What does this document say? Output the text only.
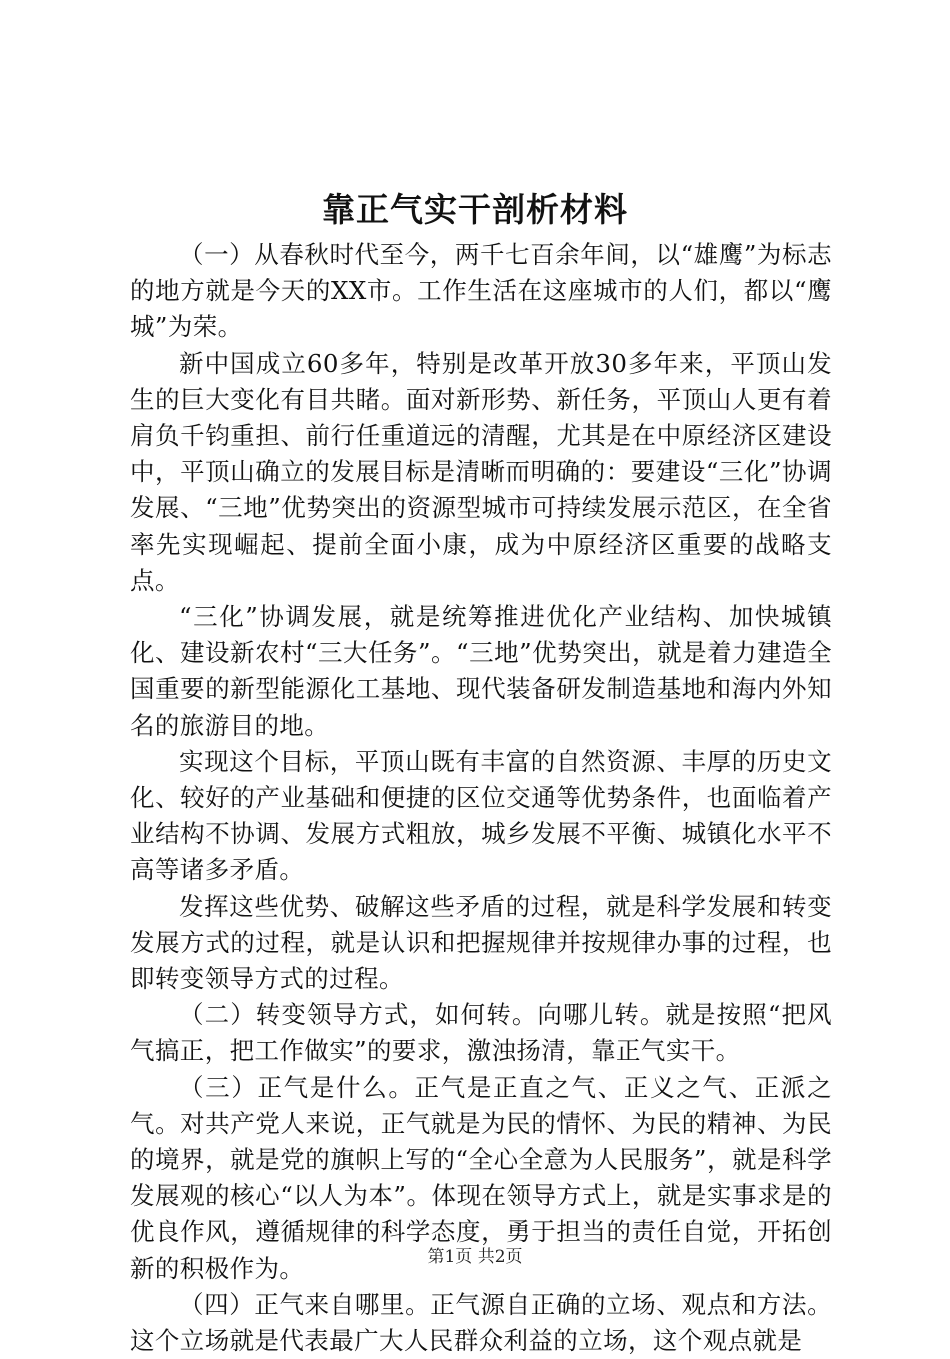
靠正气实干剖析材料

（一）从春秋时代至今，两千七百余年间，以“雄鹰”为标志的地方就是今天的XX市。工作生活在这座城市的人们，都以“鹰城”为荣。

新中国成立60多年，特别是改革开放30多年来，平顶山发生的巨大变化有目共睹。面对新形势、新任务，平顶山人更有着肩负千钧重担、前行任重道远的清醒，尤其是在中原经济区建设中，平顶山确立的发展目标是清晰而明确的：要建设“三化”协调发展、“三地”优势突出的资源型城市可持续发展示范区，在全省率先实现崛起、提前全面小康，成为中原经济区重要的战略支点。

“三化”协调发展，就是统筹推进优化产业结构、加快城镇化、建设新农村“三大任务”。“三地”优势突出，就是着力建造全国重要的新型能源化工基地、现代装备研发制造基地和海内外知名的旅游目的地。

实现这个目标，平顶山既有丰富的自然资源、丰厚的历史文化、较好的产业基础和便捷的区位交通等优势条件，也面临着产业结构不协调、发展方式粗放，城乡发展不平衡、城镇化水平不高等诸多矛盾。

发挥这些优势、破解这些矛盾的过程，就是科学发展和转变发展方式的过程，就是认识和把握规律并按规律办事的过程，也即转变领导方式的过程。

（二）转变领导方式，如何转。向哪儿转。就是按照“把风气搞正，把工作做实”的要求，激浊扬清，靠正气实干。

（三）正气是什么。正气是正直之气、正义之气、正派之气。对共产党人来说，正气就是为民的情怀、为民的精神、为民的境界，就是党的旗帜上写的“全心全意为人民服务”，就是科学发展观的核心“以人为本”。体现在领导方式上，就是实事求是的优良作风，遵循规律的科学态度，勇于担当的责任自觉，开拓创新的积极作为。

（四）正气来自哪里。正气源自正确的立场、观点和方法。这个立场就是代表最广大人民群众利益的立场，这个观点就是

第1页 共2页
